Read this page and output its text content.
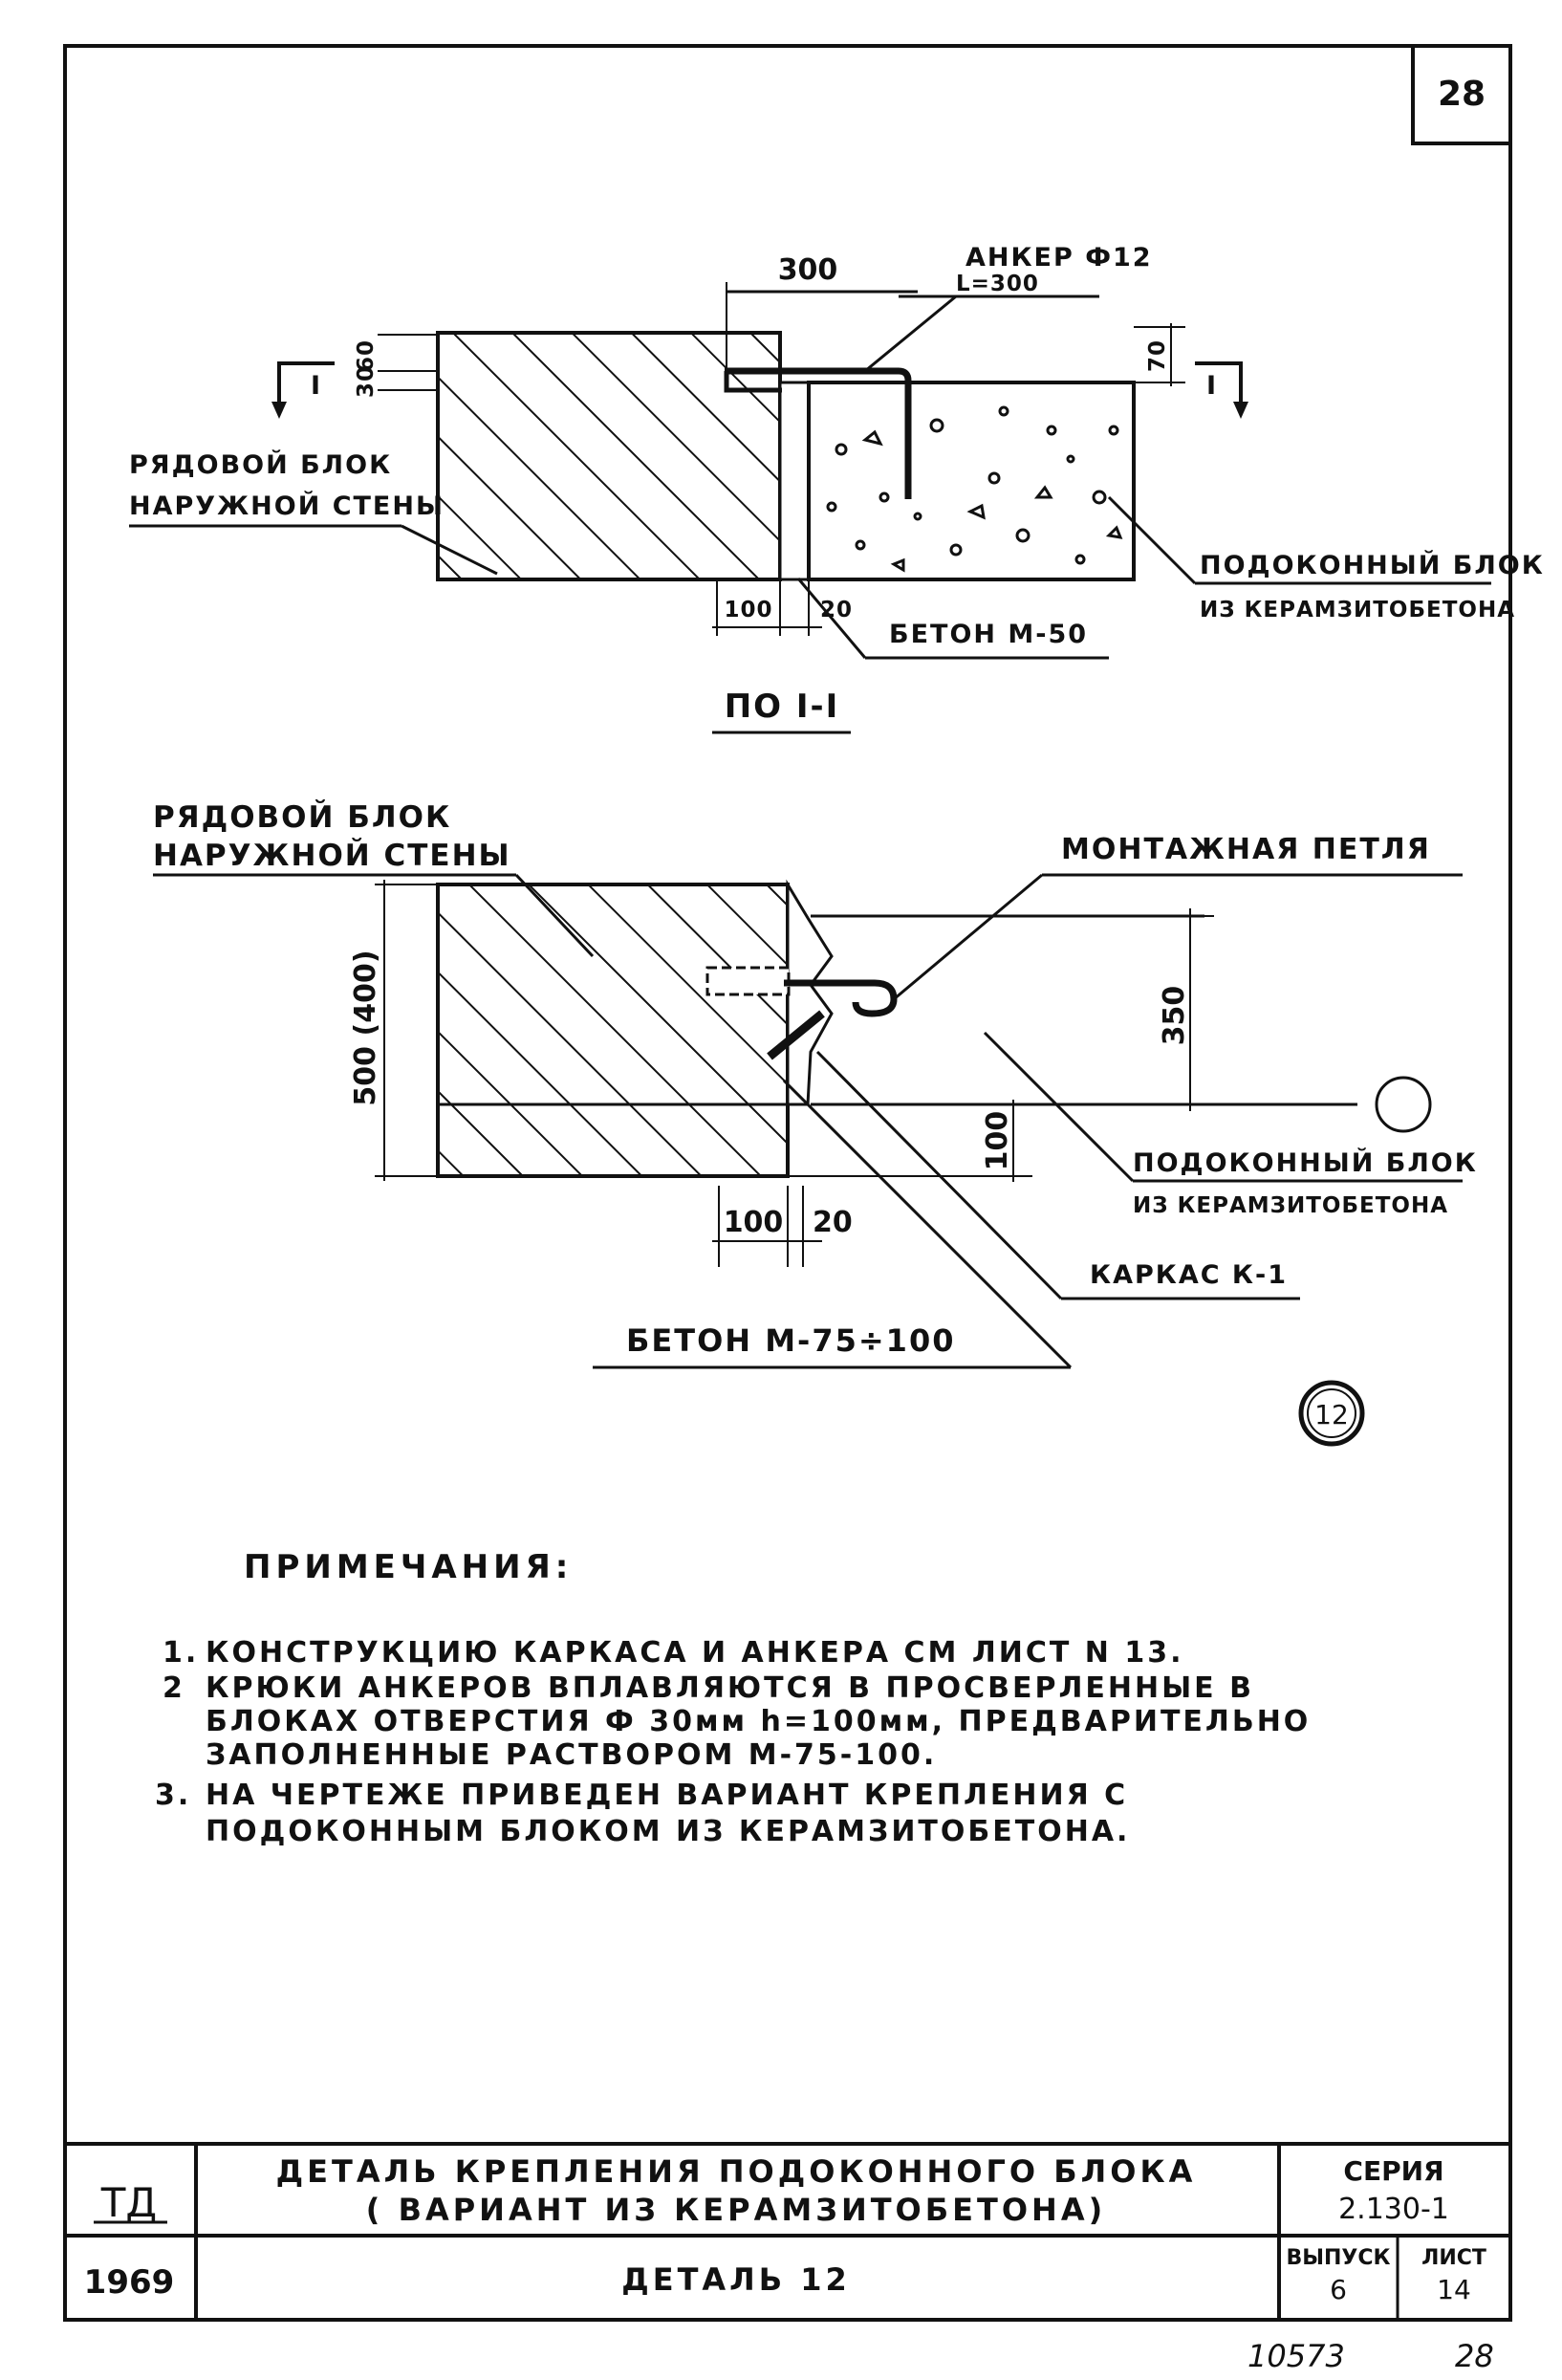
28
300	АНКЕР Ф12
L=300
60
30
70
I	I
РЯДОВОЙ БЛОК
НАРУЖНОЙ СТЕНЫ
ПОДОКОННЫЙ БЛОК
ИЗ КЕРАМЗИТОБЕТОНА
100 20
БЕТОН М-50
ПО I-I
500 (400)	350
100
100 20
РЯДОВОЙ БЛОК
НАРУЖНОЙ СТЕНЫ	МОНТАЖНАЯ ПЕТЛЯ
ПОДОКОННЫЙ БЛОК
ИЗ КЕРАМЗИТОБЕТОНА
КАРКАС К-1
БЕТОН М-75÷100
12
ПРИМЕЧАНИЯ:
1. КОНСТРУКЦИЮ КАРКАСА И АНКЕРА СМ ЛИСТ N 13.
2 КРЮКИ АНКЕРОВ ВПЛАВЛЯЮТСЯ В ПРОСВЕРЛЕННЫЕ В
БЛОКАХ ОТВЕРСТИЯ Ф 30мм h=100мм, ПРЕДВАРИТЕЛЬНО
ЗАПОЛНЕННЫЕ РАСТВОРОМ М-75-100.
3. НА ЧЕРТЕЖЕ ПРИВЕДЕН ВАРИАНТ КРЕПЛЕНИЯ С
ПОДОКОННЫМ БЛОКОМ ИЗ КЕРАМЗИТОБЕТОНА.
ТД
1969
ДЕТАЛЬ КРЕПЛЕНИЯ ПОДОКОННОГО БЛОКА
( ВАРИАНТ ИЗ КЕРАМЗИТОБЕТОНА)
ДЕТАЛЬ 12
СЕРИЯ
2.130-1
ВЫПУСК
6
ЛИСТ
14
10573	28
